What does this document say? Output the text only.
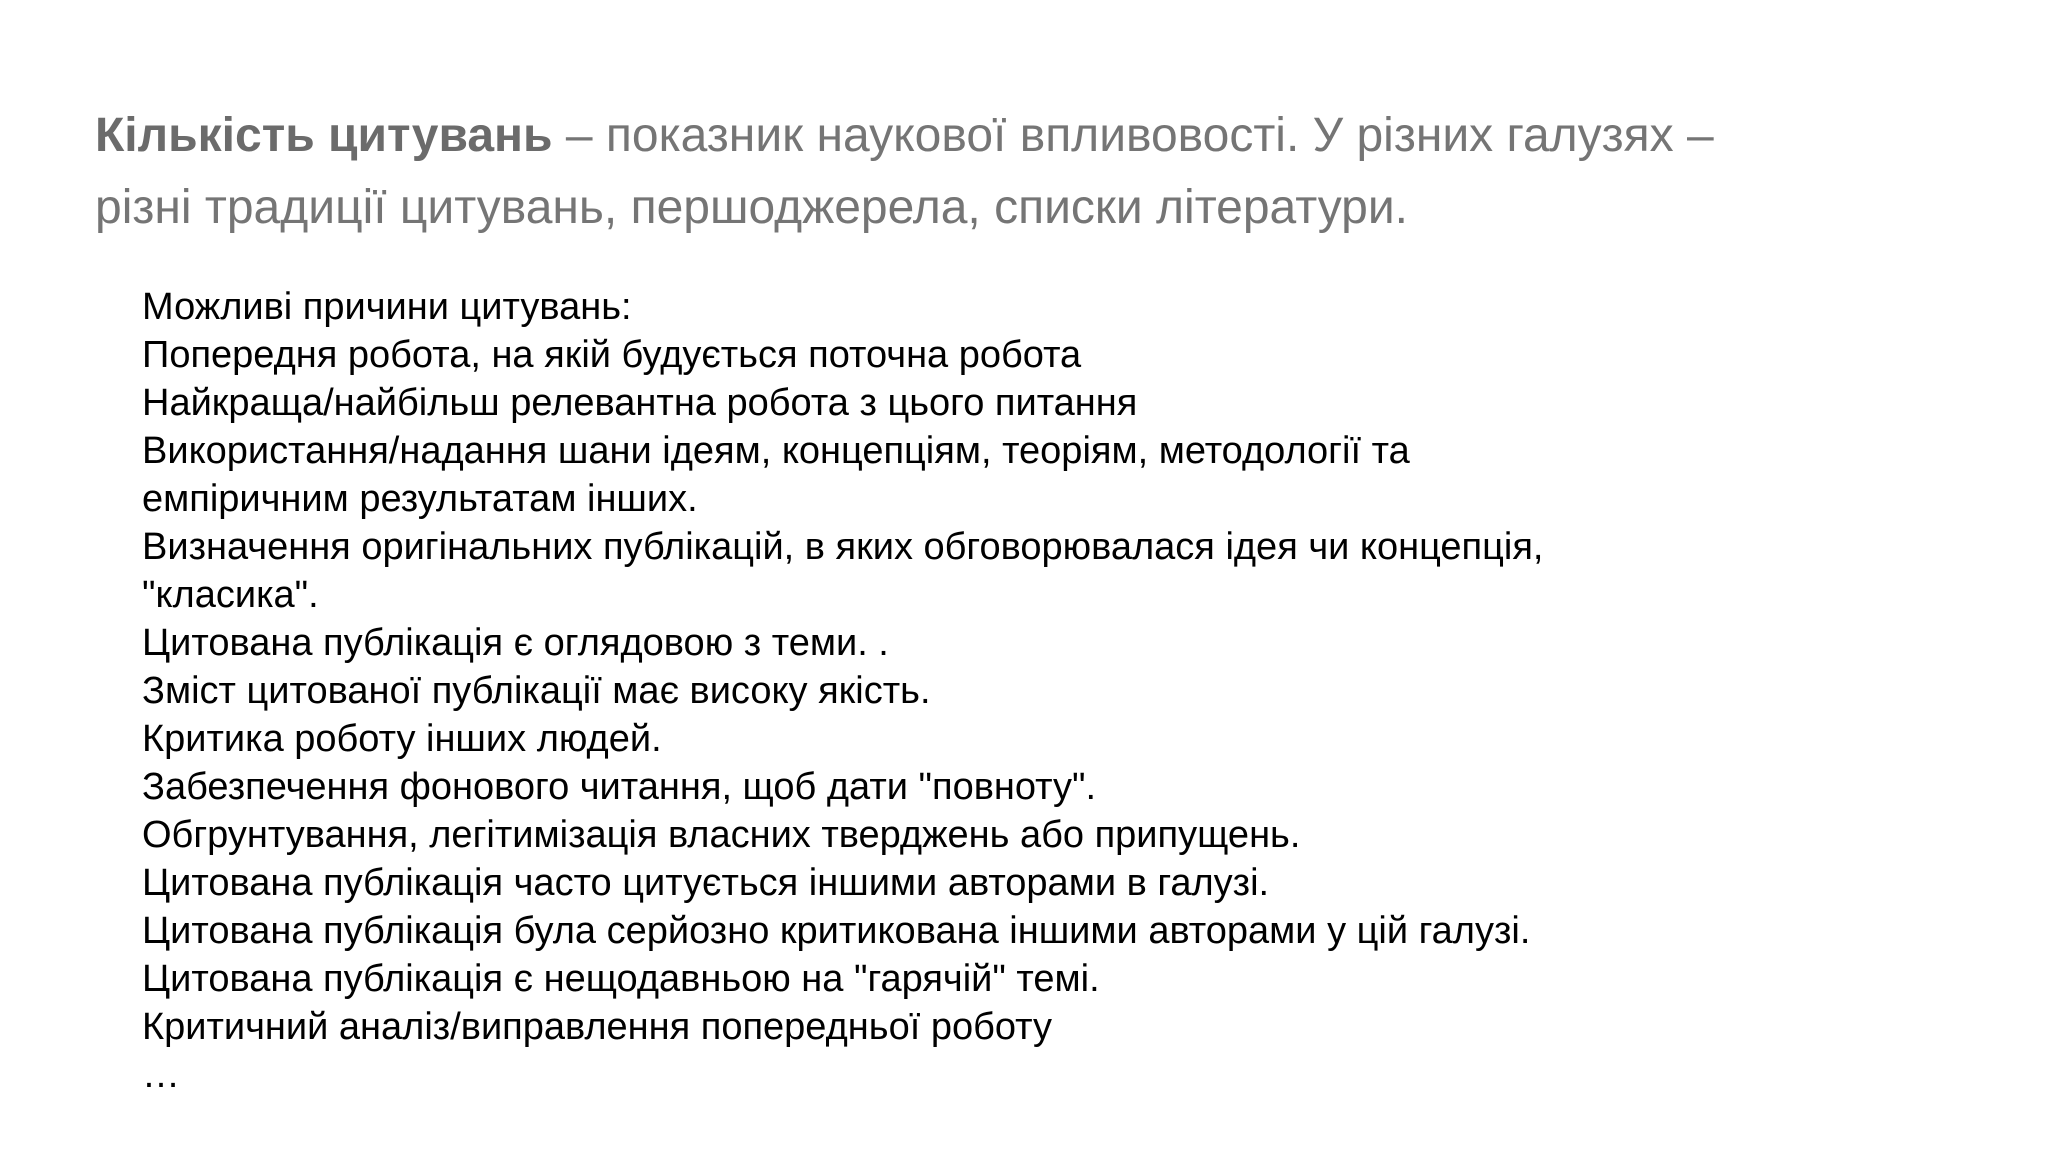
Кількість цитувань – показник наукової впливовості. У різних галузях –
різні традиції цитувань, першоджерела, списки літератури.
Можливі причини цитувань:
Попередня робота, на якій будується поточна робота
Найкраща/найбільш релевантна робота з цього питання
Використання/надання шани ідеям, концепціям, теоріям, методології та
емпіричним результатам інших.
Визначення оригінальних публікацій, в яких обговорювалася ідея чи концепція,
"класика".
Цитована публікація є оглядовою з теми. .
Зміст цитованої публікації має високу якість.
Критика роботу інших людей.
Забезпечення фонового читання, щоб дати "повноту".
Обгрунтування, легітимізація власних тверджень або припущень.
Цитована публікація часто цитується іншими авторами в галузі.
Цитована публікація була серйозно критикована іншими авторами у цій галузі.
Цитована публікація є нещодавньою на "гарячій" темі.
Критичний аналіз/виправлення попередньої роботу
…
